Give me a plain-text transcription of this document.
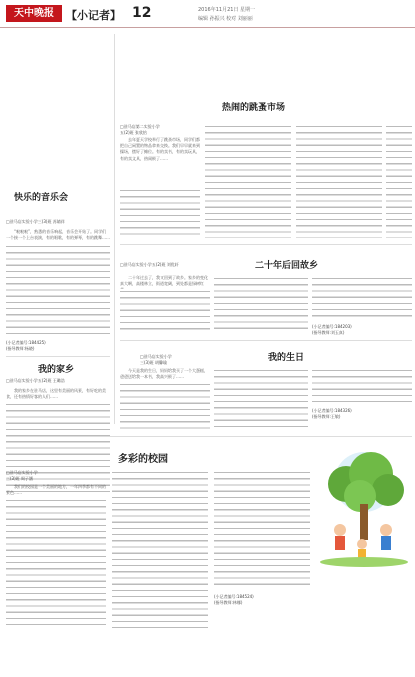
天中晚报	【小记者】 12	2016年11月21日 星期一
编辑 孙振兴 校对 刘丽丽
热闹的跳蚤市场
□驻马店第二实验小学
五(2)班 张欣怡

去年夏天学校举行了跳蚤市场，同学们都把自己闲置的物品拿来交换。我们早早就来到操场，摆好了摊位。有的卖书，有的卖玩具，有的卖文具，热闹极了……

快乐的音乐会
□驻马店实验小学三(3)班 苏婧祥

“啦啦啦”，熟悉的音乐响起，音乐会开始了。同学们一个接一个上台表演，有的唱歌，有的弹琴，有的跳舞……

(小记者编号:184425)
(指导教师:杨晓)
二十年后回故乡
□驻马店实验小学五(2)班 刘优轩

二十年过去了，我又回到了故乡。家乡的变化真大啊，高楼林立，街道宽阔，到处都是绿树红

(小记者编号:184203)
(指导教师:刘玉真)
我的家乡
□驻马店实验小学五(2)班 王璐浩

我的家乡在驻马店，这里有美丽的风景，有好吃的美食，还有热情好客的人们……

我的生日
□驻马店实验小学
三(3)班 胡馨瑜

今天是我的生日，妈妈给我买了一个大蛋糕，爸爸送给我一本书，我高兴极了……

(小记者编号:184326)
(指导教师:王敏)
多彩的校园
□驻马店实验小学
三(3)班 周子涵

我们的校园是一个美丽的地方，一年四季都有不同的景色……

(小记者编号:184524)
(指导教师:林娜)
